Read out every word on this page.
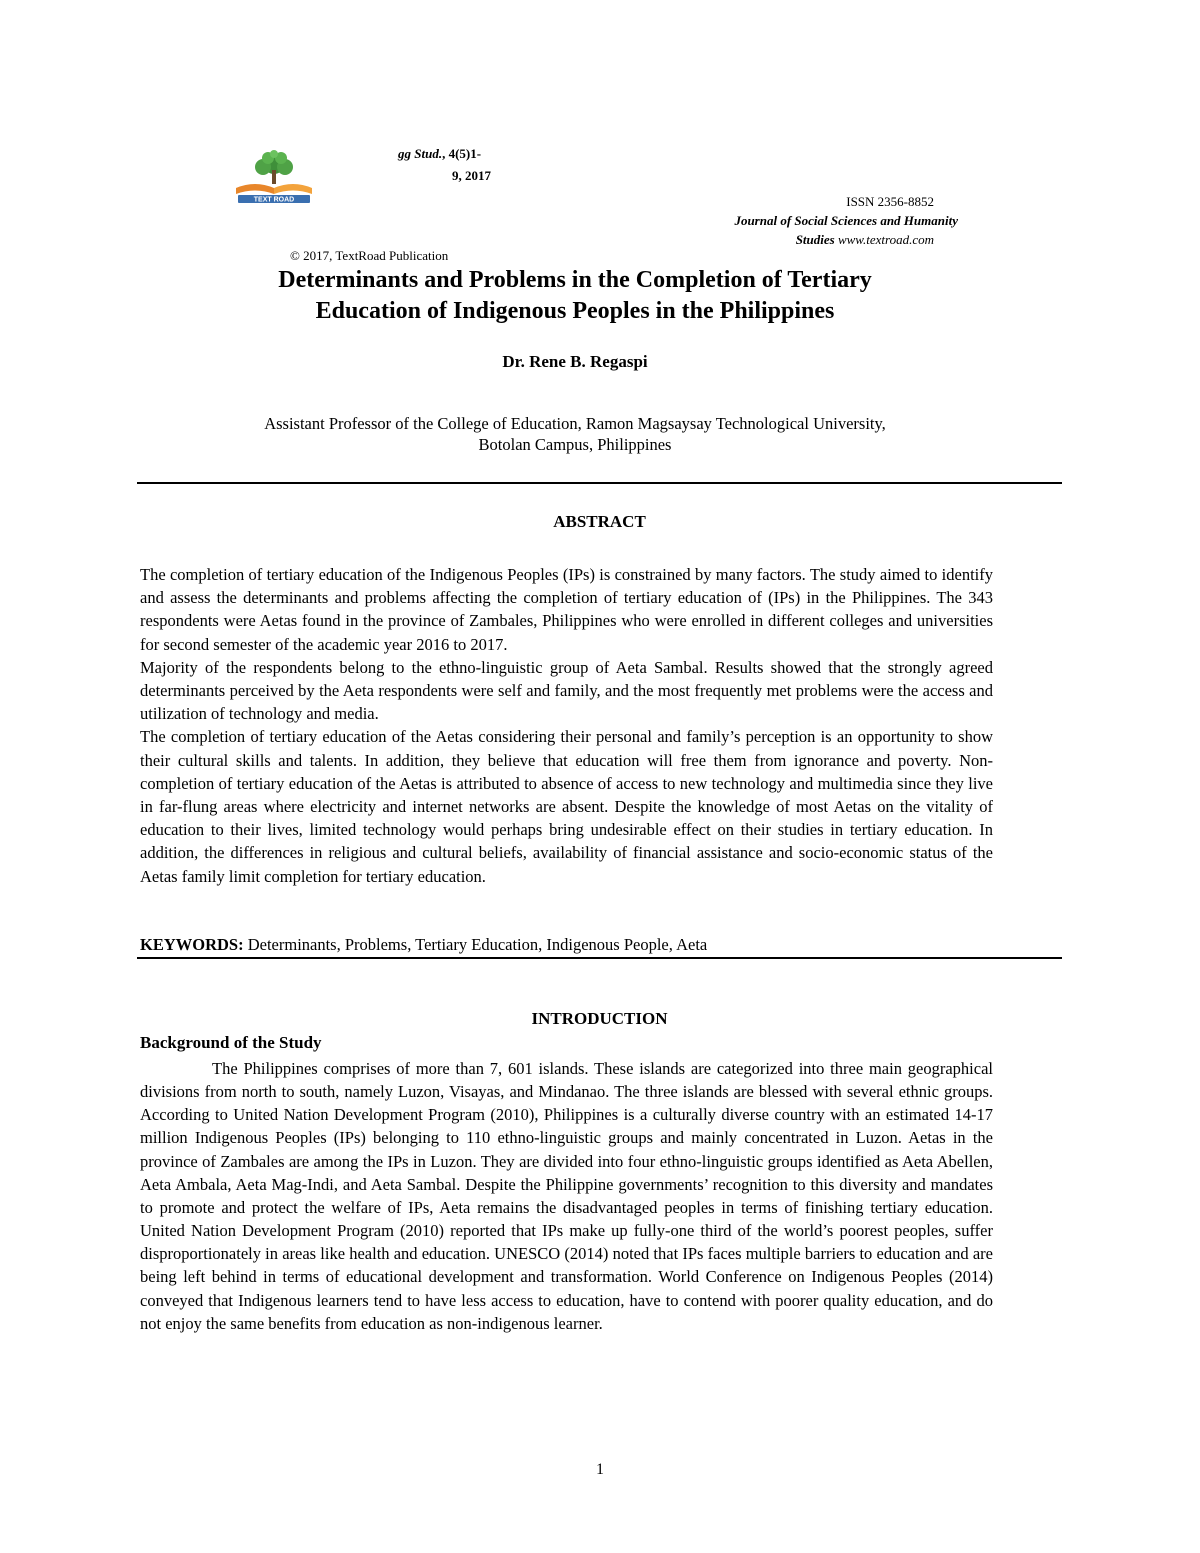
TEXT ROAD
gg Stud., 4(5)1-
9, 2017
ISSN 2356-8852
Journal of Social Sciences and Humanity
Studies www.textroad.com
© 2017, TextRoad Publication
Determinants and Problems in the Completion of Tertiary
Education of Indigenous Peoples in the Philippines
Dr. Rene B. Regaspi
Assistant Professor of the College of Education, Ramon Magsaysay Technological University,
Botolan Campus, Philippines
ABSTRACT

The completion of tertiary education of the Indigenous Peoples (IPs) is constrained by many factors. The study aimed to identify and assess the determinants and problems affecting the completion of tertiary education of (IPs) in the Philippines. The 343 respondents were Aetas found in the province of Zambales, Philippines who were enrolled in different colleges and universities for second semester of the academic year 2016 to 2017.

Majority of the respondents belong to the ethno-linguistic group of Aeta Sambal. Results showed that the strongly agreed determinants perceived by the Aeta respondents were self and family, and the most frequently met problems were the access and utilization of technology and media.

The completion of tertiary education of the Aetas considering their personal and family’s perception is an opportunity to show their cultural skills and talents. In addition, they believe that education will free them from ignorance and poverty. Non-completion of tertiary education of the Aetas is attributed to absence of access to new technology and multimedia since they live in far-flung areas where electricity and internet networks are absent. Despite the knowledge of most Aetas on the vitality of education to their lives, limited technology would perhaps bring undesirable effect on their studies in tertiary education. In addition, the differences in religious and cultural beliefs, availability of financial assistance and socio-economic status of the Aetas family limit completion for tertiary education.

KEYWORDS: Determinants, Problems, Tertiary Education, Indigenous People, Aeta
INTRODUCTION
Background of the Study

The Philippines comprises of more than 7, 601 islands. These islands are categorized into three main geographical divisions from north to south, namely Luzon, Visayas, and Mindanao. The three islands are blessed with several ethnic groups. According to United Nation Development Program (2010), Philippines is a culturally diverse country with an estimated 14-17 million Indigenous Peoples (IPs) belonging to 110 ethno-linguistic groups and mainly concentrated in Luzon. Aetas in the province of Zambales are among the IPs in Luzon. They are divided into four ethno-linguistic groups identified as Aeta Abellen, Aeta Ambala, Aeta Mag-Indi, and Aeta Sambal. Despite the Philippine governments’ recognition to this diversity and mandates to promote and protect the welfare of IPs, Aeta remains the disadvantaged peoples in terms of finishing tertiary education. United Nation Development Program (2010) reported that IPs make up fully-one third of the world’s poorest peoples, suffer disproportionately in areas like health and education. UNESCO (2014) noted that IPs faces multiple barriers to education and are being left behind in terms of educational development and transformation. World Conference on Indigenous Peoples (2014) conveyed that Indigenous learners tend to have less access to education, have to contend with poorer quality education, and do not enjoy the same benefits from education as non-indigenous learner.

1
